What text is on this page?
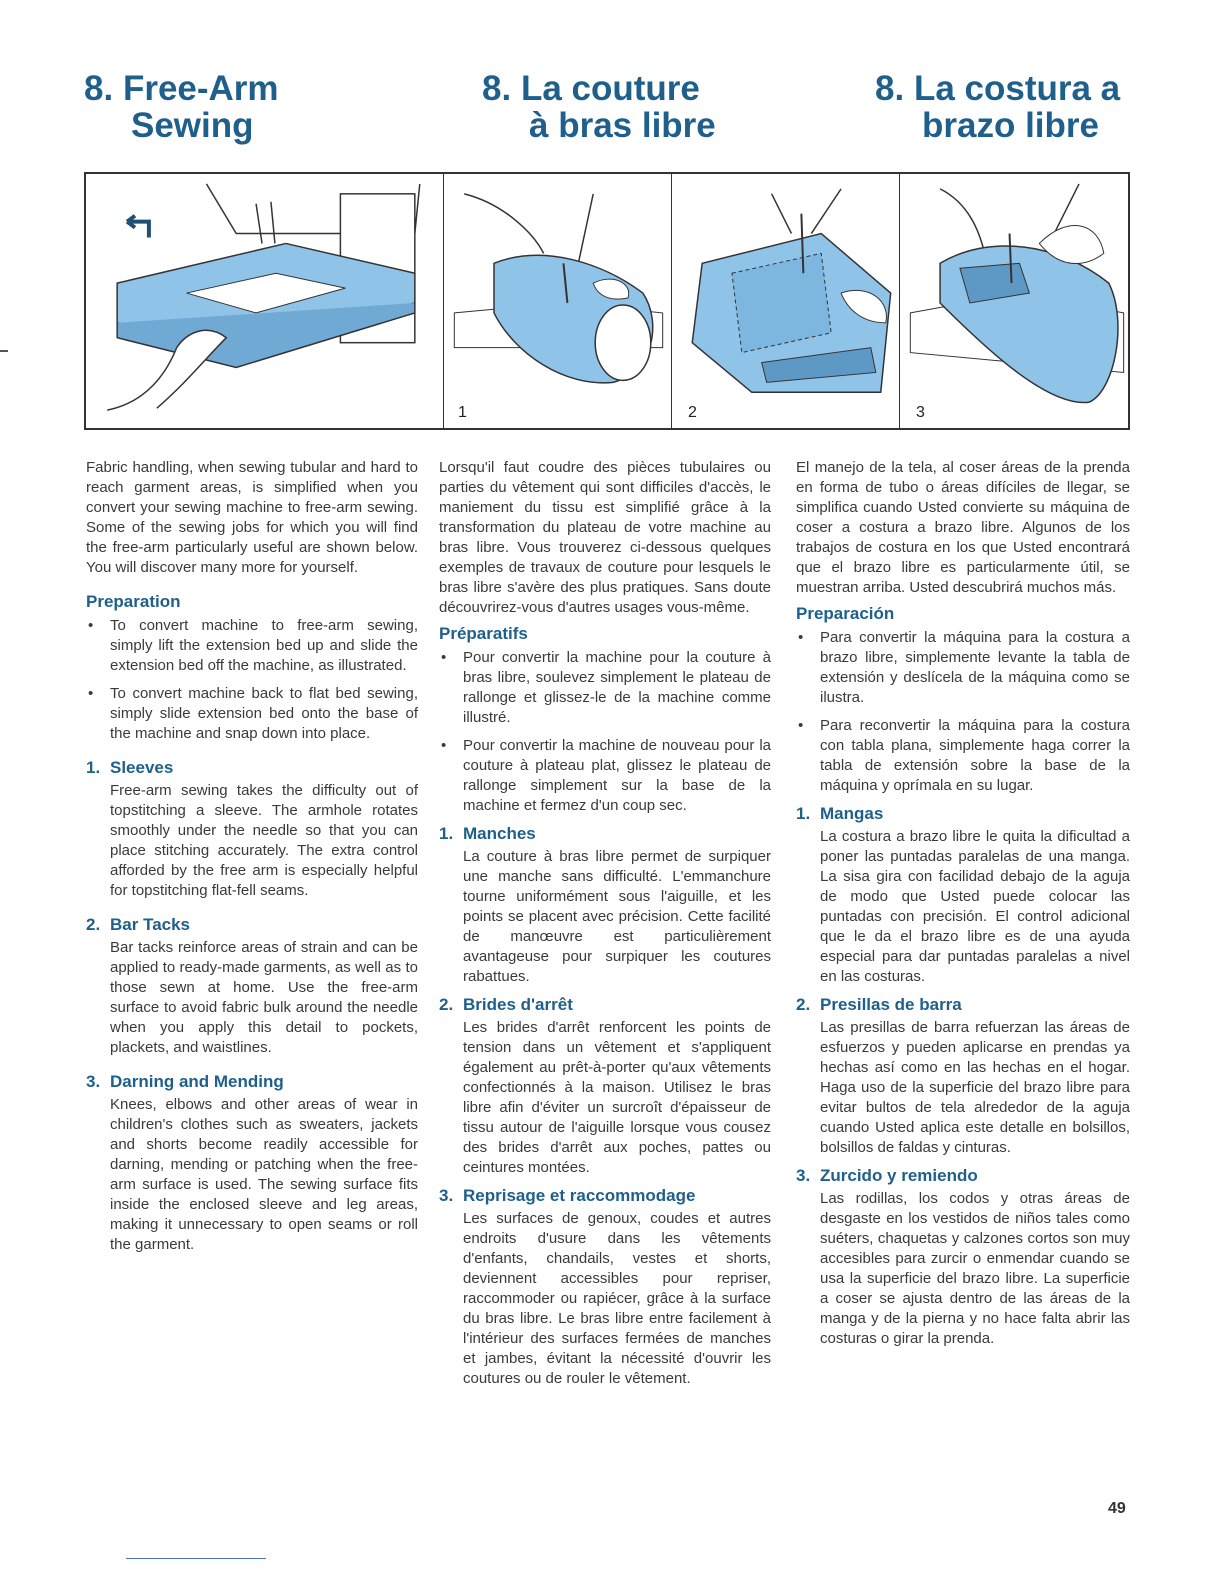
8. Free-Arm
Sewing
8. La couture
à bras libre
8. La costura a
brazo libre
1	2	3

Fabric handling, when sewing tubular and hard to reach garment areas, is simplified when you convert your sewing machine to free-arm sewing. Some of the sewing jobs for which you will find the free-arm particularly useful are shown below. You will discover many more for yourself.

Preparation
• To convert machine to free-arm sewing, simply lift the extension bed up and slide the extension bed off the machine, as illustrated.
• To convert machine back to flat bed sewing, simply slide extension bed onto the base of the machine and snap down into place.
1. Sleeves
Free-arm sewing takes the difficulty out of topstitching a sleeve. The armhole rotates smoothly under the needle so that you can place stitching accurately. The extra control afforded by the free arm is especially helpful for topstitching flat-fell seams.
2. Bar Tacks
Bar tacks reinforce areas of strain and can be applied to ready-made garments, as well as to those sewn at home. Use the free-arm surface to avoid fabric bulk around the needle when you apply this detail to pockets, plackets, and waistlines.
3. Darning and Mending
Knees, elbows and other areas of wear in children's clothes such as sweaters, jackets and shorts become readily accessible for darning, mending or patching when the free-arm surface is used. The sewing surface fits inside the enclosed sleeve and leg areas, making it unnecessary to open seams or roll the garment.

Lorsqu'il faut coudre des pièces tubulaires ou parties du vêtement qui sont difficiles d'accès, le maniement du tissu est simplifié grâce à la transformation du plateau de votre machine au bras libre. Vous trouverez ci-dessous quelques exemples de travaux de couture pour lesquels le bras libre s'avère des plus pratiques. Sans doute découvrirez-vous d'autres usages vous-même.

Préparatifs
• Pour convertir la machine pour la couture à bras libre, soulevez simplement le plateau de rallonge et glissez-le de la machine comme illustré.
• Pour convertir la machine de nouveau pour la couture à plateau plat, glissez le plateau de rallonge simplement sur la base de la machine et fermez d'un coup sec.
1. Manches
La couture à bras libre permet de surpiquer une manche sans difficulté. L'emmanchure tourne uniformément sous l'aiguille, et les points se placent avec précision. Cette facilité de manœuvre est particulièrement avantageuse pour surpiquer les coutures rabattues.
2. Brides d'arrêt
Les brides d'arrêt renforcent les points de tension dans un vêtement et s'appliquent également au prêt-à-porter qu'aux vêtements confectionnés à la maison. Utilisez le bras libre afin d'éviter un surcroît d'épaisseur de tissu autour de l'aiguille lorsque vous cousez des brides d'arrêt aux poches, pattes ou ceintures montées.
3. Reprisage et raccommodage
Les surfaces de genoux, coudes et autres endroits d'usure dans les vêtements d'enfants, chandails, vestes et shorts, deviennent accessibles pour repriser, raccommoder ou rapiécer, grâce à la surface du bras libre. Le bras libre entre facilement à l'intérieur des surfaces fermées de manches et jambes, évitant la nécessité d'ouvrir les coutures ou de rouler le vêtement.

El manejo de la tela, al coser áreas de la prenda en forma de tubo o áreas difíciles de llegar, se simplifica cuando Usted convierte su máquina de coser a costura a brazo libre. Algunos de los trabajos de costura en los que Usted encontrará que el brazo libre es particularmente útil, se muestran arriba. Usted descubrirá muchos más.

Preparación
• Para convertir la máquina para la costura a brazo libre, simplemente levante la tabla de extensión y deslícela de la máquina como se ilustra.
• Para reconvertir la máquina para la costura con tabla plana, simplemente haga correr la tabla de extensión sobre la base de la máquina y oprímala en su lugar.
1. Mangas
La costura a brazo libre le quita la dificultad a poner las puntadas paralelas de una manga. La sisa gira con facilidad debajo de la aguja de modo que Usted puede colocar las puntadas con precisión. El control adicional que le da el brazo libre es de una ayuda especial para dar puntadas paralelas a nivel en las costuras.
2. Presillas de barra
Las presillas de barra refuerzan las áreas de esfuerzos y pueden aplicarse en prendas ya hechas así como en las hechas en el hogar. Haga uso de la superficie del brazo libre para evitar bultos de tela alrededor de la aguja cuando Usted aplica este detalle en bolsillos, bolsillos de faldas y cinturas.
3. Zurcido y remiendo
Las rodillas, los codos y otras áreas de desgaste en los vestidos de niños tales como suéters, chaquetas y calzones cortos son muy accesibles para zurcir o enmendar cuando se usa la superficie del brazo libre. La superficie a coser se ajusta dentro de las áreas de la manga y de la pierna y no hace falta abrir las costuras o girar la prenda.
49
